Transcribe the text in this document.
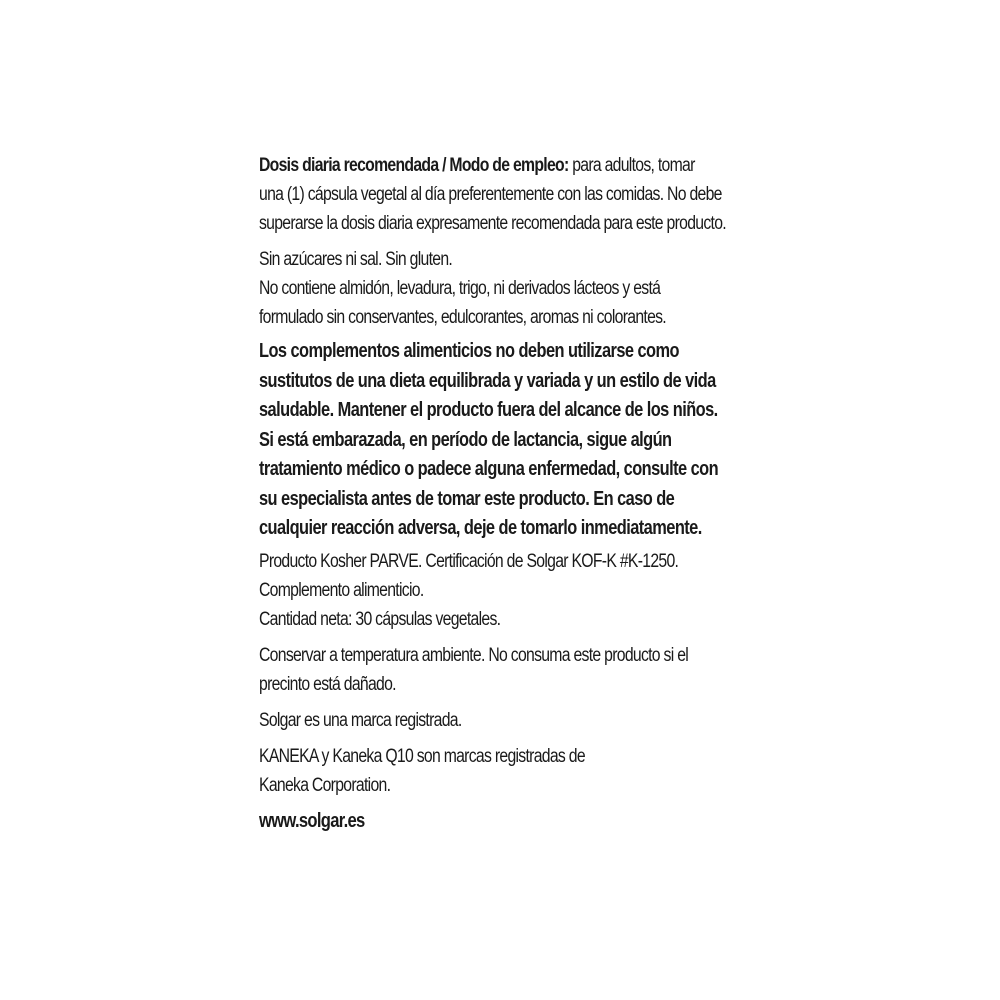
Dosis diaria recomendada / Modo de empleo: para adultos, tomar
una (1) cápsula vegetal al día preferentemente con las comidas. No debe
superarse la dosis diaria expresamente recomendada para este producto.
Sin azúcares ni sal. Sin gluten.
No contiene almidón, levadura, trigo, ni derivados lácteos y está
formulado sin conservantes, edulcorantes, aromas ni colorantes.
Los complementos alimenticios no deben utilizarse como
sustitutos de una dieta equilibrada y variada y un estilo de vida
saludable. Mantener el producto fuera del alcance de los niños.
Si está embarazada, en período de lactancia, sigue algún
tratamiento médico o padece alguna enfermedad, consulte con
su especialista antes de tomar este producto. En caso de
cualquier reacción adversa, deje de tomarlo inmediatamente.
Producto Kosher PARVE. Certificación de Solgar KOF-K #K-1250.
Complemento alimenticio.
Cantidad neta: 30 cápsulas vegetales.
Conservar a temperatura ambiente. No consuma este producto si el
precinto está dañado.
Solgar es una marca registrada.
KANEKA y Kaneka Q10 son marcas registradas de
Kaneka Corporation.
www.solgar.es
